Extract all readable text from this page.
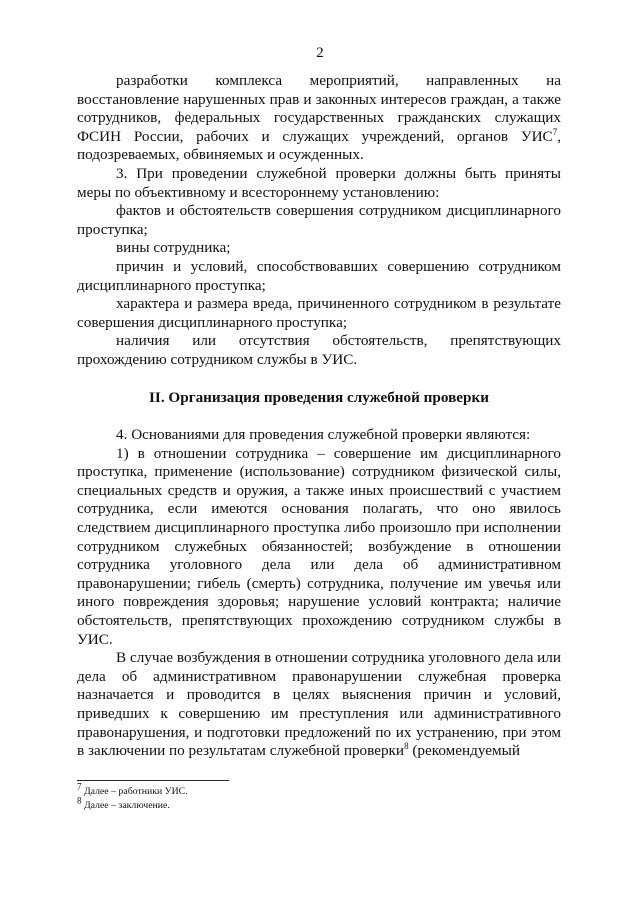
2

разработки комплекса мероприятий, направленных на восстановление нарушенных прав и законных интересов граждан, а также сотрудников, федеральных государственных гражданских служащих ФСИН России, рабочих и служащих учреждений, органов УИС$^7$, подозреваемых, обвиняемых и осужденных.

3. При проведении служебной проверки должны быть приняты меры по объективному и всестороннему установлению:

фактов и обстоятельств совершения сотрудником дисциплинарного проступка;

вины сотрудника;

причин и условий, способствовавших совершению сотрудником дисциплинарного проступка;

характера и размера вреда, причиненного сотрудником в результате совершения дисциплинарного проступка;

наличия или отсутствия обстоятельств, препятствующих прохождению сотрудником службы в УИС.

II. Организация проведения служебной проверки

4. Основаниями для проведения служебной проверки являются:

1) в отношении сотрудника – совершение им дисциплинарного проступка, применение (использование) сотрудником физической силы, специальных средств и оружия, а также иных происшествий с участием сотрудника, если имеются основания полагать, что оно явилось следствием дисциплинарного проступка либо произошло при исполнении сотрудником служебных обязанностей; возбуждение в отношении сотрудника уголовного дела или дела об административном правонарушении; гибель (смерть) сотрудника, получение им увечья или иного повреждения здоровья; нарушение условий контракта; наличие обстоятельств, препятствующих прохождению сотрудником службы в УИС.

В случае возбуждения в отношении сотрудника уголовного дела или дела об административном правонарушении служебная проверка назначается и проводится в целях выяснения причин и условий, приведших к совершению им преступления или административного правонарушения, и подготовки предложений по их устранению, при этом в заключении по результатам служебной проверки$^8$ (рекомендуемый

$^7$ Далее – работники УИС.
$^8$ Далее – заключение.
